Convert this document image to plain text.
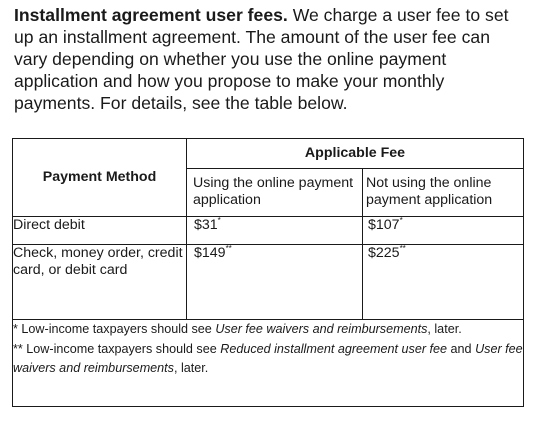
Installment agreement user fees. We charge a user fee to set up an installment agreement. The amount of the user fee can vary depending on whether you use the online payment application and how you propose to make your monthly payments. For details, see the table below.

Payment Method	Applicable Fee	
	Using the online payment application	Not using the online payment application
Direct debit	$31*	$107*
Check, money order, credit card, or debit card	$149**	$225**

* Low-income taxpayers should see User fee waivers and reimbursements, later.
** Low-income taxpayers should see Reduced installment agreement user fee and User fee waivers and reimbursements, later.		
